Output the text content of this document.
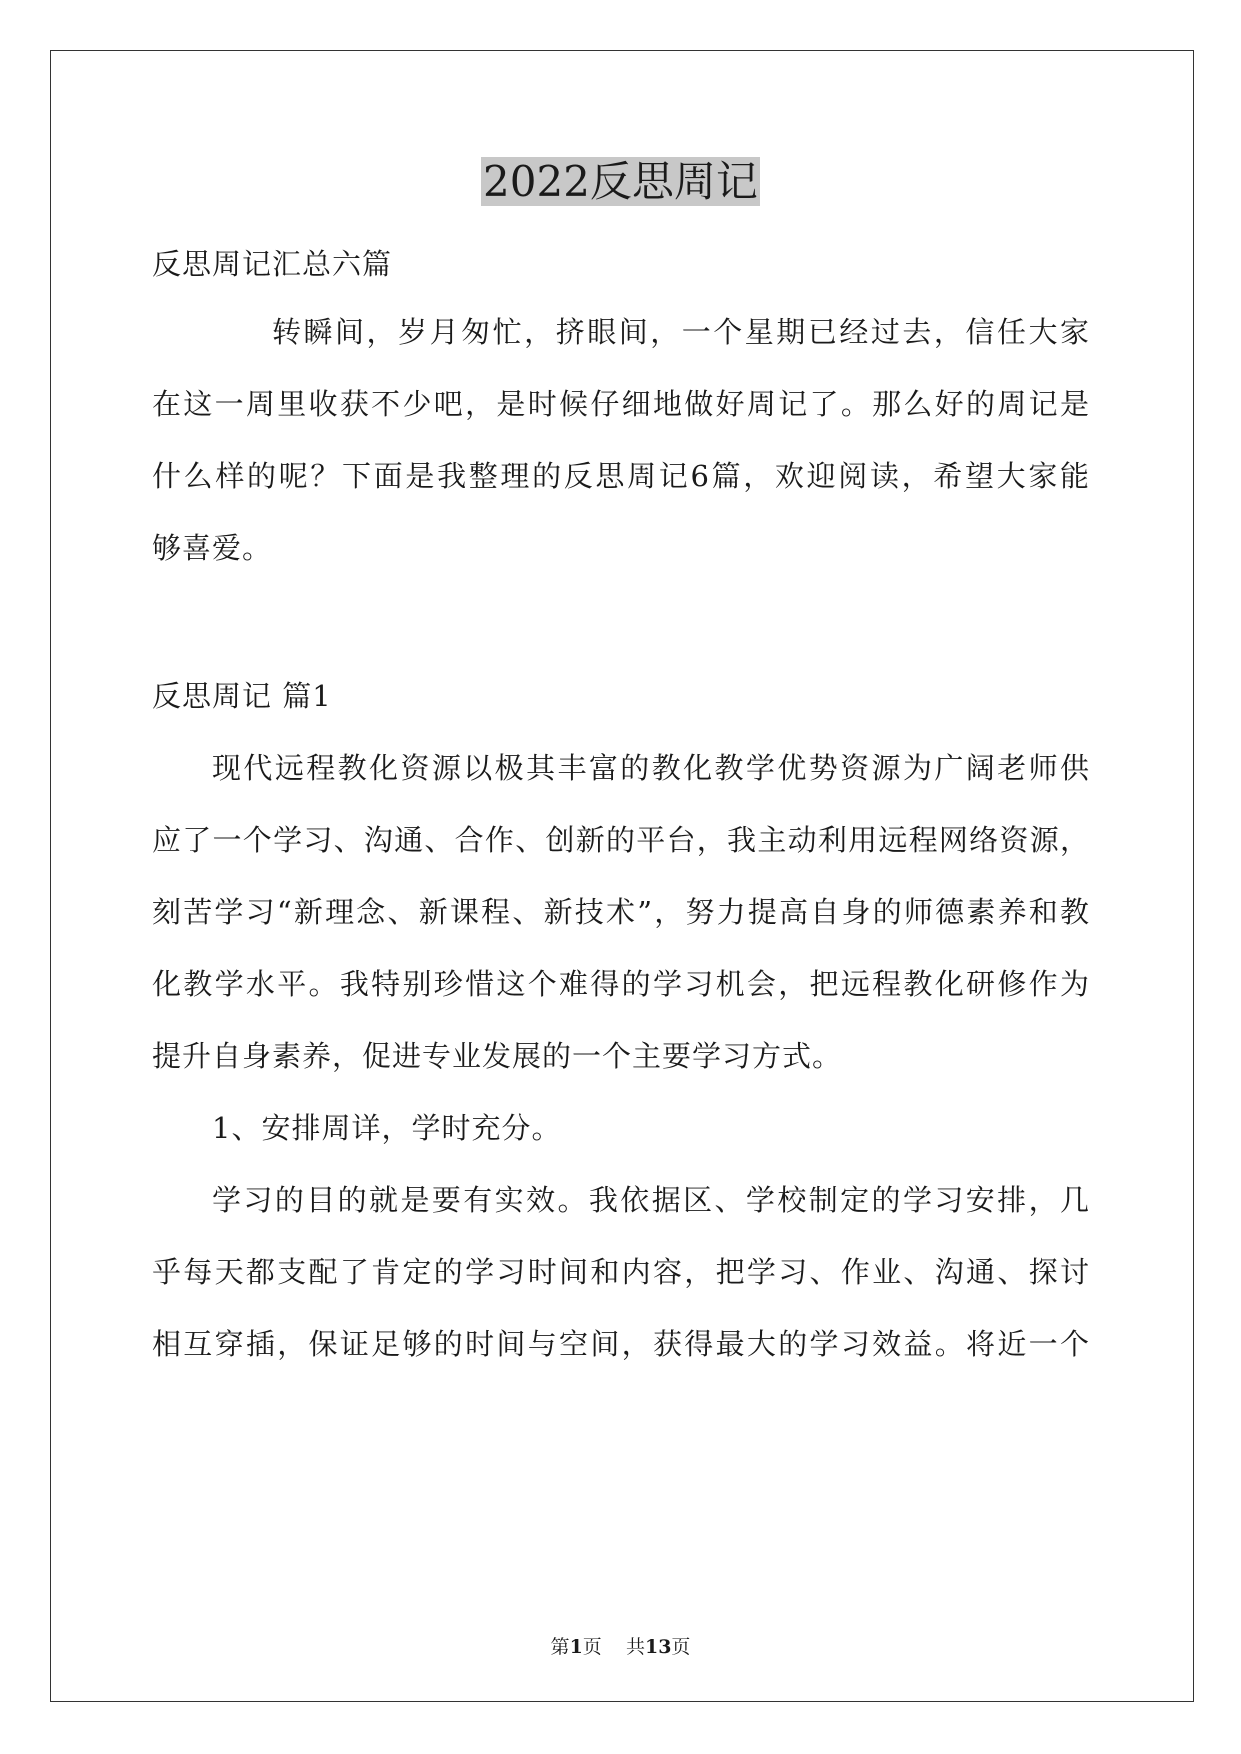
2022反思周记
反思周记汇总六篇
转瞬间，岁月匆忙，挤眼间，一个星期已经过去，信任大家
在这一周里收获不少吧，是时候仔细地做好周记了。那么好的周记是
什么样的呢？下面是我整理的反思周记6篇，欢迎阅读，希望大家能
够喜爱。
反思周记 篇1
现代远程教化资源以极其丰富的教化教学优势资源为广阔老师供
应了一个学习、沟通、合作、创新的平台，我主动利用远程网络资源，
刻苦学习“新理念、新课程、新技术”，努力提高自身的师德素养和教
化教学水平。我特别珍惜这个难得的学习机会，把远程教化研修作为
提升自身素养，促进专业发展的一个主要学习方式。
1、安排周详，学时充分。
学习的目的就是要有实效。我依据区、学校制定的学习安排，几
乎每天都支配了肯定的学习时间和内容，把学习、作业、沟通、探讨
相互穿插，保证足够的时间与空间，获得最大的学习效益。将近一个
第1页    共13页
